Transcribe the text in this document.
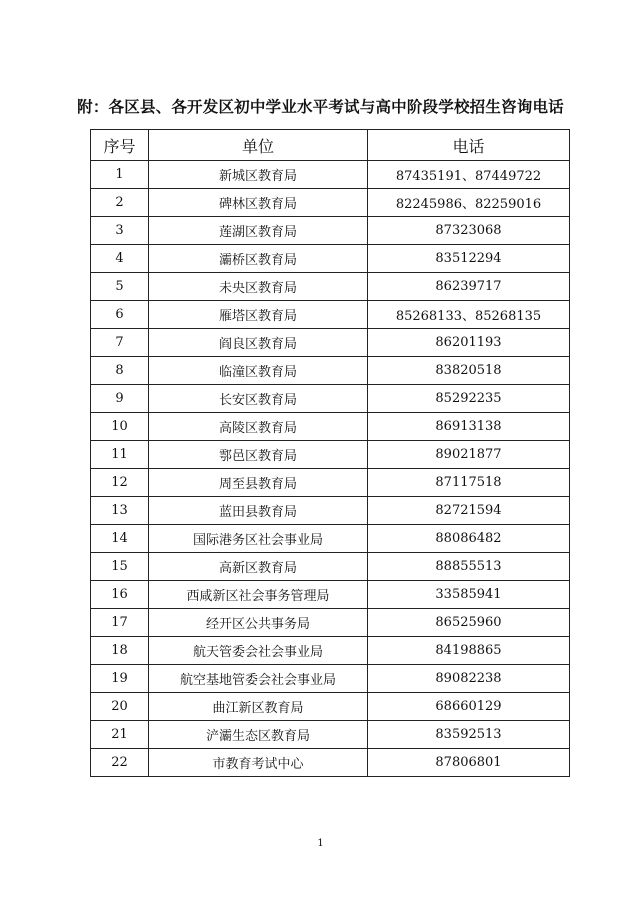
附：各区县、各开发区初中学业水平考试与高中阶段学校招生咨询电话
序号	单位	电话
1	新城区教育局	87435191、87449722
2	碑林区教育局	82245986、82259016
3	莲湖区教育局	87323068
4	灞桥区教育局	83512294
5	未央区教育局	86239717
6	雁塔区教育局	85268133、85268135
7	阎良区教育局	86201193
8	临潼区教育局	83820518
9	长安区教育局	85292235
10	高陵区教育局	86913138
11	鄠邑区教育局	89021877
12	周至县教育局	87117518
13	蓝田县教育局	82721594
14	国际港务区社会事业局	88086482
15	高新区教育局	88855513
16	西咸新区社会事务管理局	33585941
17	经开区公共事务局	86525960
18	航天管委会社会事业局	84198865
19	航空基地管委会社会事业局	89082238
20	曲江新区教育局	68660129
21	浐灞生态区教育局	83592513
22	市教育考试中心	87806801
1
